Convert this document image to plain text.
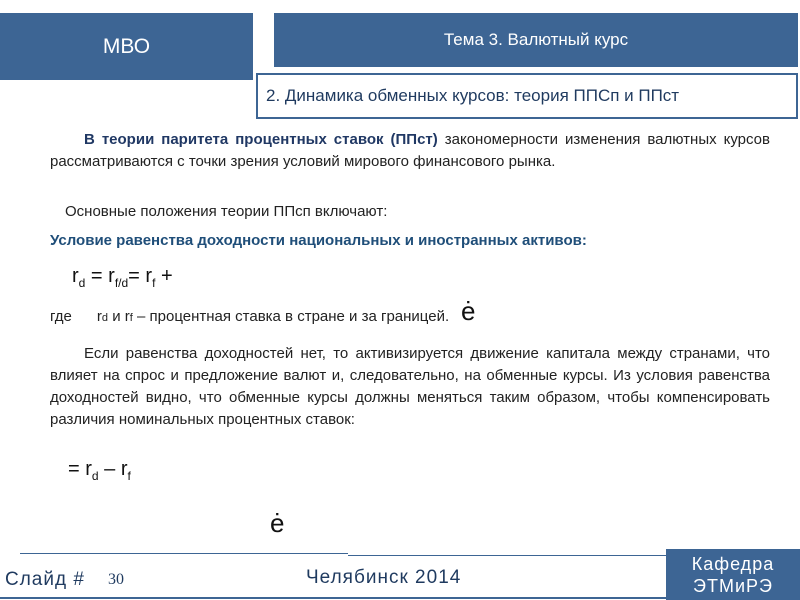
МВО	Тема 3. Валютный курс
2. Динамика обменных курсов: теория ППСп и ППст

В теории паритета процентных ставок (ППст) закономерности изменения валютных курсов рассматриваются с точки зрения условий мирового финансового рынка.

Основные положения теории ППсп включают:

Условие равенства доходности национальных и иностранных активов:

$r_d = r_{f/d}= r_f$ +
где rd и rf – процентная ставка в стране и за границей. ė

Если равенства доходностей нет, то активизируется движение капитала между странами, что влияет на спрос и предложение валют и, следовательно, на обменные курсы. Из условия равенства доходностей видно, что обменные курсы должны меняться таким образом, чтобы компенсировать различия номинальных процентных ставок:

= $r_d - r_f$
ė
Слайд # 30	Челябинск 2014
Кафедра
ЭТМиРЭ
